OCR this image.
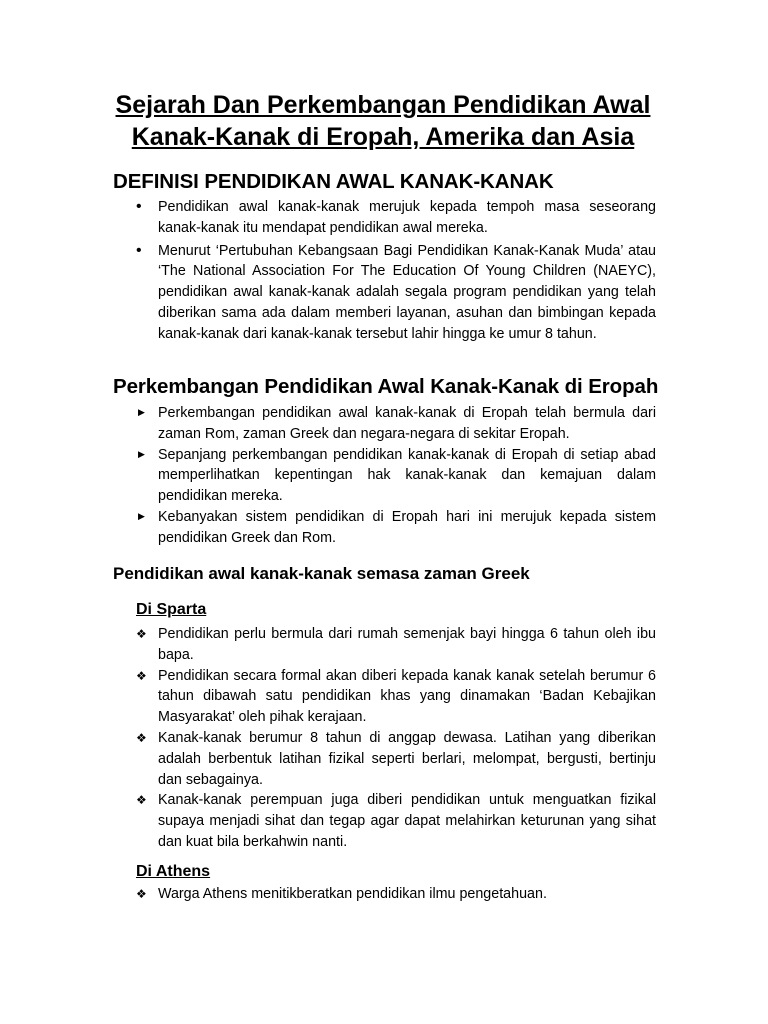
Sejarah Dan Perkembangan Pendidikan Awal
Kanak-Kanak di Eropah, Amerika dan Asia
DEFINISI PENDIDIKAN AWAL KANAK-KANAK
•
Pendidikan awal kanak-kanak merujuk kepada tempoh masa seseorang kanak-kanak itu mendapat pendidikan awal mereka.
•
Menurut ‘Pertubuhan Kebangsaan Bagi Pendidikan Kanak-Kanak Muda’ atau ‘The National Association For The Education Of Young Children (NAEYC), pendidikan awal kanak-kanak adalah segala program pendidikan yang telah diberikan sama ada dalam memberi layanan, asuhan dan bimbingan kepada kanak-kanak dari kanak-kanak tersebut lahir hingga ke umur 8 tahun.
Perkembangan Pendidikan Awal Kanak-Kanak di Eropah
▶
Perkembangan pendidikan awal kanak-kanak di Eropah telah bermula dari zaman Rom, zaman Greek dan negara-negara di sekitar Eropah.
▶
Sepanjang perkembangan pendidikan kanak-kanak di Eropah di setiap abad memperlihatkan kepentingan hak kanak-kanak dan kemajuan dalam pendidikan mereka.
▶
Kebanyakan sistem pendidikan di Eropah hari ini merujuk kepada sistem pendidikan Greek dan Rom.
Pendidikan awal kanak-kanak semasa zaman Greek
Di Sparta
❖
Pendidikan perlu bermula dari rumah semenjak bayi hingga 6 tahun oleh ibu bapa.
❖
Pendidikan secara formal akan diberi kepada kanak kanak setelah berumur 6 tahun dibawah satu pendidikan khas yang dinamakan ‘Badan Kebajikan Masyarakat’ oleh pihak kerajaan.
❖
Kanak-kanak berumur 8 tahun di anggap dewasa. Latihan yang diberikan adalah berbentuk latihan fizikal seperti berlari, melompat, bergusti, bertinju dan sebagainya.
❖
Kanak-kanak perempuan juga diberi pendidikan untuk menguatkan fizikal supaya menjadi sihat dan tegap agar dapat melahirkan keturunan yang sihat dan kuat bila berkahwin nanti.
Di Athens
❖
Warga Athens menitikberatkan pendidikan ilmu pengetahuan.
